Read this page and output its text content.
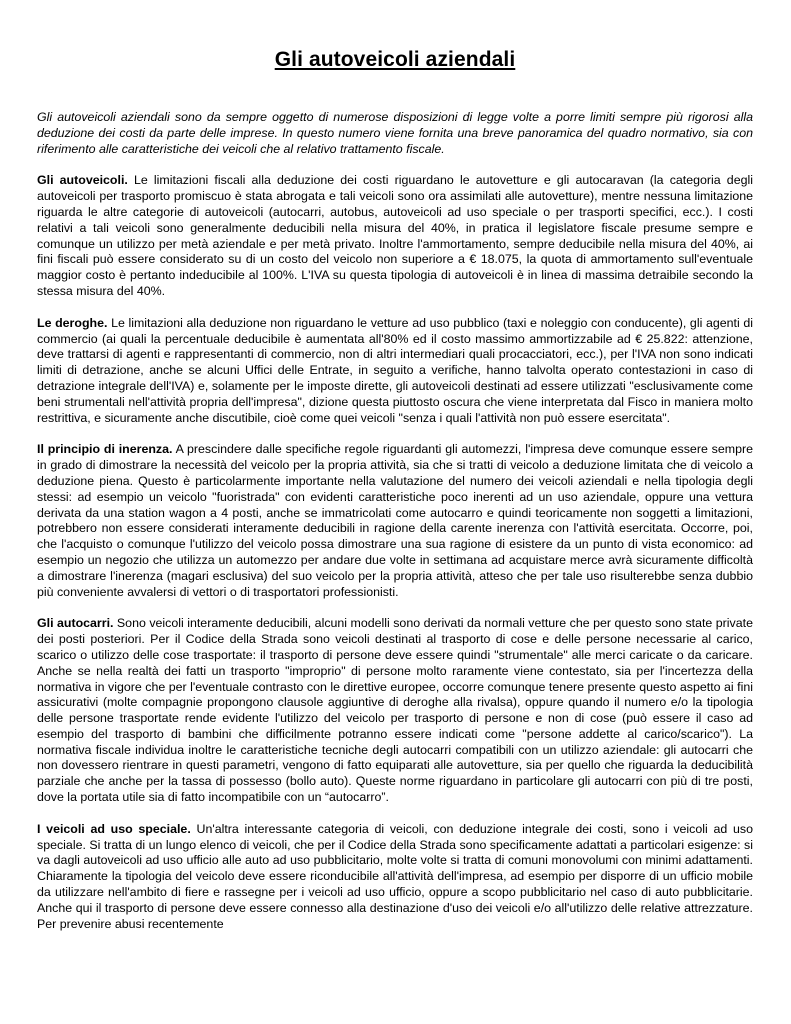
Gli autoveicoli aziendali

Gli autoveicoli aziendali sono da sempre oggetto di numerose disposizioni di legge volte a porre limiti sempre più rigorosi alla deduzione dei costi da parte delle imprese. In questo numero viene fornita una breve panoramica del quadro normativo, sia con riferimento alle caratteristiche dei veicoli che al relativo trattamento fiscale.

Gli autoveicoli. Le limitazioni fiscali alla deduzione dei costi riguardano le autovetture e gli autocaravan (la categoria degli autoveicoli per trasporto promiscuo è stata abrogata e tali veicoli sono ora assimilati alle autovetture), mentre nessuna limitazione riguarda le altre categorie di autoveicoli (autocarri, autobus, autoveicoli ad uso speciale o per trasporti specifici, ecc.). I costi relativi a tali veicoli sono generalmente deducibili nella misura del 40%, in pratica il legislatore fiscale presume sempre e comunque un utilizzo per metà aziendale e per metà privato. Inoltre l'ammortamento, sempre deducibile nella misura del 40%, ai fini fiscali può essere considerato su di un costo del veicolo non superiore a € 18.075, la quota di ammortamento sull'eventuale maggior costo è pertanto indeducibile al 100%. L'IVA su questa tipologia di autoveicoli è in linea di massima detraibile secondo la stessa misura del 40%.

Le deroghe. Le limitazioni alla deduzione non riguardano le vetture ad uso pubblico (taxi e noleggio con conducente), gli agenti di commercio (ai quali la percentuale deducibile è aumentata all'80% ed il costo massimo ammortizzabile ad € 25.822: attenzione, deve trattarsi di agenti e rappresentanti di commercio, non di altri intermediari quali procacciatori, ecc.), per l'IVA non sono indicati limiti di detrazione, anche se alcuni Uffici delle Entrate, in seguito a verifiche, hanno talvolta operato contestazioni in caso di detrazione integrale dell'IVA) e, solamente per le imposte dirette, gli autoveicoli destinati ad essere utilizzati "esclusivamente come beni strumentali nell'attività propria dell'impresa", dizione questa piuttosto oscura che viene interpretata dal Fisco in maniera molto restrittiva, e sicuramente anche discutibile, cioè come quei veicoli "senza i quali l'attività non può essere esercitata".

Il principio di inerenza. A prescindere dalle specifiche regole riguardanti gli automezzi, l'impresa deve comunque essere sempre in grado di dimostrare la necessità del veicolo per la propria attività, sia che si tratti di veicolo a deduzione limitata che di veicolo a deduzione piena. Questo è particolarmente importante nella valutazione del numero dei veicoli aziendali e nella tipologia degli stessi: ad esempio un veicolo "fuoristrada" con evidenti caratteristiche poco inerenti ad un uso aziendale, oppure una vettura derivata da una station wagon a 4 posti, anche se immatricolati come autocarro e quindi teoricamente non soggetti a limitazioni, potrebbero non essere considerati interamente deducibili in ragione della carente inerenza con l'attività esercitata. Occorre, poi, che l'acquisto o comunque l'utilizzo del veicolo possa dimostrare una sua ragione di esistere da un punto di vista economico: ad esempio un negozio che utilizza un automezzo per andare due volte in settimana ad acquistare merce avrà sicuramente difficoltà a dimostrare l'inerenza (magari esclusiva) del suo veicolo per la propria attività, atteso che per tale uso risulterebbe senza dubbio più conveniente avvalersi di vettori o di trasportatori professionisti.

Gli autocarri. Sono veicoli interamente deducibili, alcuni modelli sono derivati da normali vetture che per questo sono state private dei posti posteriori. Per il Codice della Strada sono veicoli destinati al trasporto di cose e delle persone necessarie al carico, scarico o utilizzo delle cose trasportate: il trasporto di persone deve essere quindi "strumentale" alle merci caricate o da caricare. Anche se nella realtà dei fatti un trasporto "improprio" di persone molto raramente viene contestato, sia per l'incertezza della normativa in vigore che per l'eventuale contrasto con le direttive europee, occorre comunque tenere presente questo aspetto ai fini assicurativi (molte compagnie propongono clausole aggiuntive di deroghe alla rivalsa), oppure quando il numero e/o la tipologia delle persone trasportate rende evidente l'utilizzo del veicolo per trasporto di persone e non di cose (può essere il caso ad esempio del trasporto di bambini che difficilmente potranno essere indicati come "persone addette al carico/scarico"). La normativa fiscale individua inoltre le caratteristiche tecniche degli autocarri compatibili con un utilizzo aziendale: gli autocarri che non dovessero rientrare in questi parametri, vengono di fatto equiparati alle autovetture, sia per quello che riguarda la deducibilità parziale che anche per la tassa di possesso (bollo auto). Queste norme riguardano in particolare gli autocarri con più di tre posti, dove la portata utile sia di fatto incompatibile con un “autocarro”.

I veicoli ad uso speciale. Un'altra interessante categoria di veicoli, con deduzione integrale dei costi, sono i veicoli ad uso speciale. Si tratta di un lungo elenco di veicoli, che per il Codice della Strada sono specificamente adattati a particolari esigenze: si va dagli autoveicoli ad uso ufficio alle auto ad uso pubblicitario, molte volte si tratta di comuni monovolumi con minimi adattamenti. Chiaramente la tipologia del veicolo deve essere riconducibile all'attività dell'impresa, ad esempio per disporre di un ufficio mobile da utilizzare nell'ambito di fiere e rassegne per i veicoli ad uso ufficio, oppure a scopo pubblicitario nel caso di auto pubblicitarie. Anche qui il trasporto di persone deve essere connesso alla destinazione d'uso dei veicoli e/o all'utilizzo delle relative attrezzature. Per prevenire abusi recentemente
